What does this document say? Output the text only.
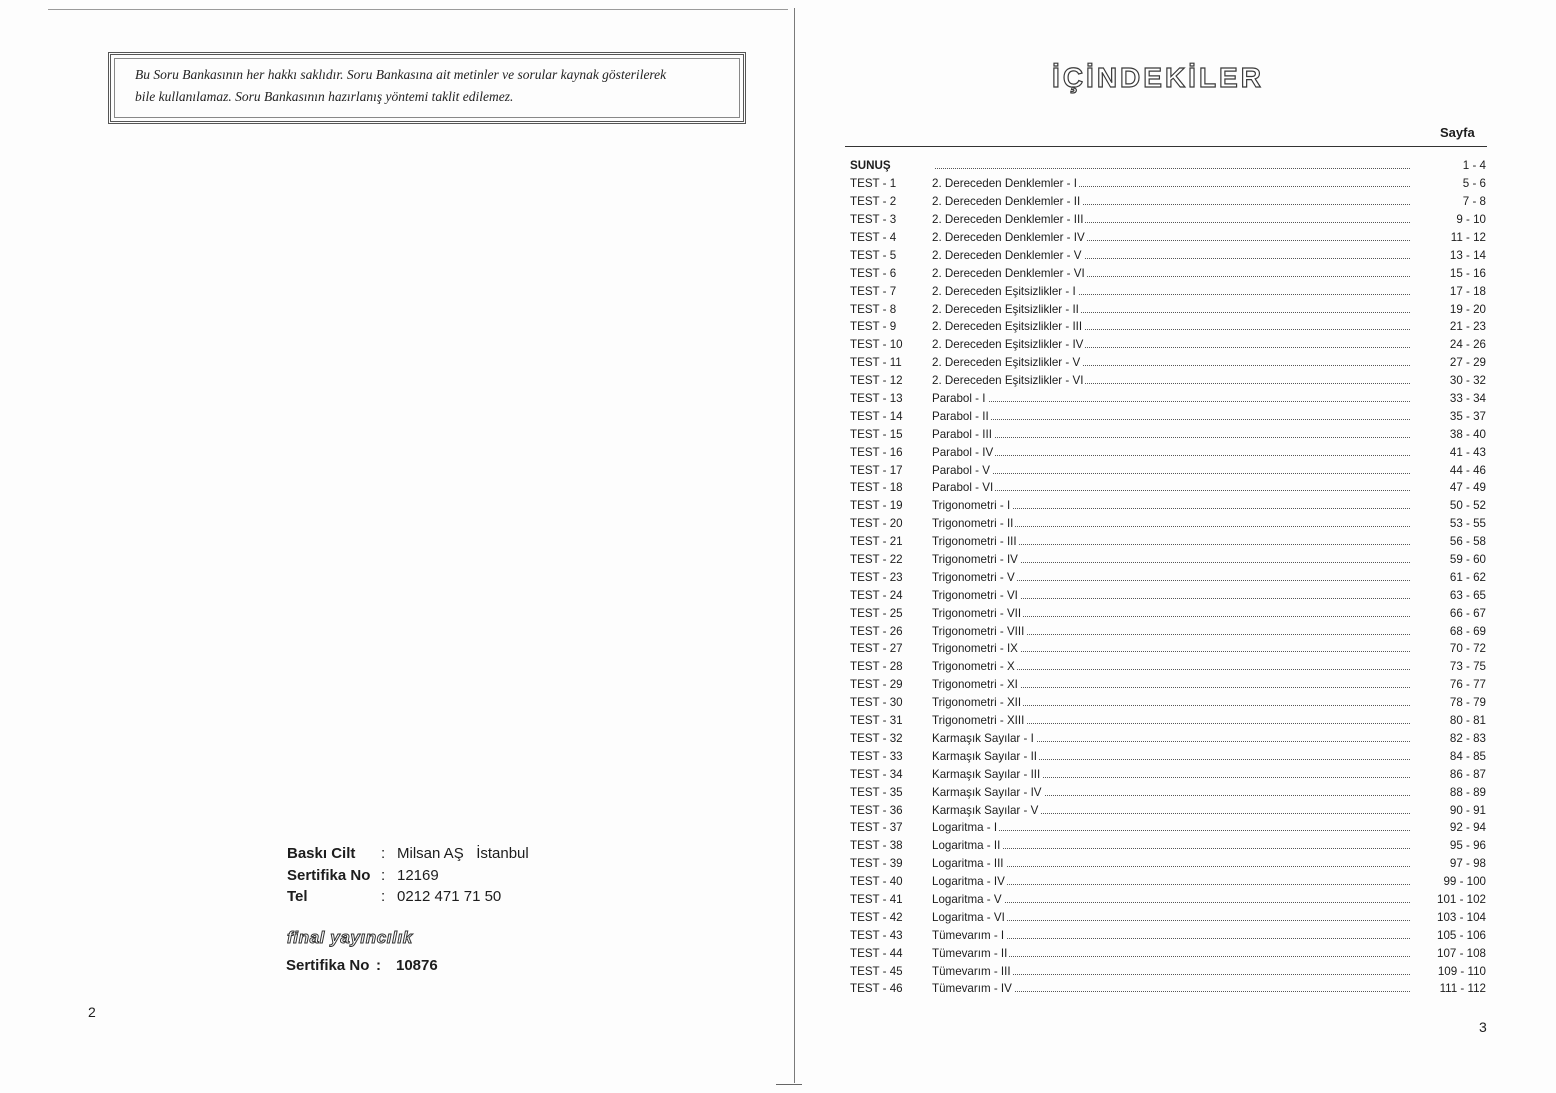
Bu Soru Bankasının her hakkı saklıdır. Soru Bankasına ait metinler ve sorular kaynak gösterilerek
bile kullanılamaz. Soru Bankasının hazırlanış yöntemi taklit edilemez.
Baskı Cilt	: Milsan AŞ   İstanbul
Sertifika No : 12169
Tel	: 0212 471 71 50
final yayıncılık
Sertifika No :	10876
2
İÇİNDEKİLER
Sayfa
SUNUŞ	1 - 4
TEST - 1	2. Dereceden Denklemler - I	5 - 6
TEST - 2	2. Dereceden Denklemler - II	7 - 8
TEST - 3	2. Dereceden Denklemler - III	9 - 10
TEST - 4	2. Dereceden Denklemler - IV	11 - 12
TEST - 5	2. Dereceden Denklemler - V	13 - 14
TEST - 6	2. Dereceden Denklemler - VI	15 - 16
TEST - 7	2. Dereceden Eşitsizlikler - I	17 - 18
TEST - 8	2. Dereceden Eşitsizlikler - II	19 - 20
TEST - 9	2. Dereceden Eşitsizlikler - III	21 - 23
TEST - 10	2. Dereceden Eşitsizlikler - IV	24 - 26
TEST - 11	2. Dereceden Eşitsizlikler - V	27 - 29
TEST - 12	2. Dereceden Eşitsizlikler - VI	30 - 32
TEST - 13	Parabol - I	33 - 34
TEST - 14	Parabol - II	35 - 37
TEST - 15	Parabol - III	38 - 40
TEST - 16	Parabol - IV	41 - 43
TEST - 17	Parabol - V	44 - 46
TEST - 18	Parabol - VI	47 - 49
TEST - 19	Trigonometri - I	50 - 52
TEST - 20	Trigonometri - II	53 - 55
TEST - 21	Trigonometri - III	56 - 58
TEST - 22	Trigonometri - IV	59 - 60
TEST - 23	Trigonometri - V	61 - 62
TEST - 24	Trigonometri - VI	63 - 65
TEST - 25	Trigonometri - VII	66 - 67
TEST - 26	Trigonometri - VIII	68 - 69
TEST - 27	Trigonometri - IX	70 - 72
TEST - 28	Trigonometri - X	73 - 75
TEST - 29	Trigonometri - XI	76 - 77
TEST - 30	Trigonometri - XII	78 - 79
TEST - 31	Trigonometri - XIII	80 - 81
TEST - 32	Karmaşık Sayılar - I	82 - 83
TEST - 33	Karmaşık Sayılar - II	84 - 85
TEST - 34	Karmaşık Sayılar - III	86 - 87
TEST - 35	Karmaşık Sayılar - IV	88 - 89
TEST - 36	Karmaşık Sayılar - V	90 - 91
TEST - 37	Logaritma - I	92 - 94
TEST - 38	Logaritma - II	95 - 96
TEST - 39	Logaritma - III	97 - 98
TEST - 40	Logaritma - IV	99 - 100
TEST - 41	Logaritma - V	101 - 102
TEST - 42	Logaritma - VI	103 - 104
TEST - 43	Tümevarım - I	105 - 106
TEST - 44	Tümevarım - II	107 - 108
TEST - 45	Tümevarım - III	109 - 110
TEST - 46	Tümevarım - IV	111 - 112
3
